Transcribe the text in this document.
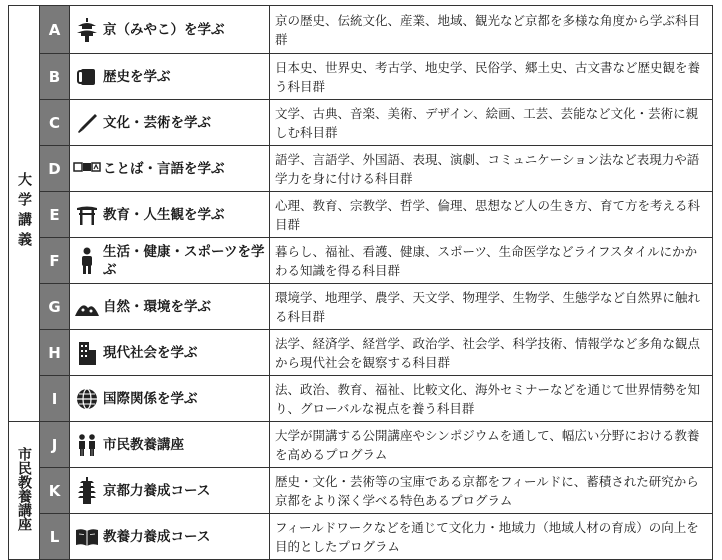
大学講義	A		京（みやこ）を学ぶ	京の歴史、伝統文化、産業、地域、観光など京都を多様な角度から学ぶ科目群
	B		歴史を学ぶ	日本史、世界史、考古学、地史学、民俗学、郷土史、古文書など歴史観を養う科目群
	C		文化・芸術を学ぶ	文学、古典、音楽、美術、デザイン、絵画、工芸、芸能など文化・芸術に親しむ科目群
	D		ことば・言語を学ぶ	語学、言語学、外国語、表現、演劇、コミュニケーション法など表現力や語学力を身に付ける科目群
	E		教育・人生観を学ぶ	心理、教育、宗教学、哲学、倫理、思想など人の生き方、育て方を考える科目群
	F		生活・健康・スポーツを学ぶ	暮らし、福祉、看護、健康、スポーツ、生命医学などライフスタイルにかかわる知識を得る科目群
	G		自然・環境を学ぶ	環境学、地理学、農学、天文学、物理学、生物学、生態学など自然界に触れる科目群
	H		現代社会を学ぶ	法学、経済学、経営学、政治学、社会学、科学技術、情報学など多角な観点から現代社会を観察する科目群
	I		国際関係を学ぶ	法、政治、教育、福祉、比較文化、海外セミナーなどを通じて世界情勢を知り、グローバルな視点を養う科目群
市民教養講座	J		市民教養講座	大学が開講する公開講座やシンポジウムを通して、幅広い分野における教養を高めるプログラム
	K		京都力養成コース	歴史・文化・芸術等の宝庫である京都をフィールドに、蓄積された研究から京都をより深く学べる特色あるプログラム
	L		教養力養成コース	フィールドワークなどを通じて文化力・地域力（地域人材の育成）の向上を目的としたプログラム
